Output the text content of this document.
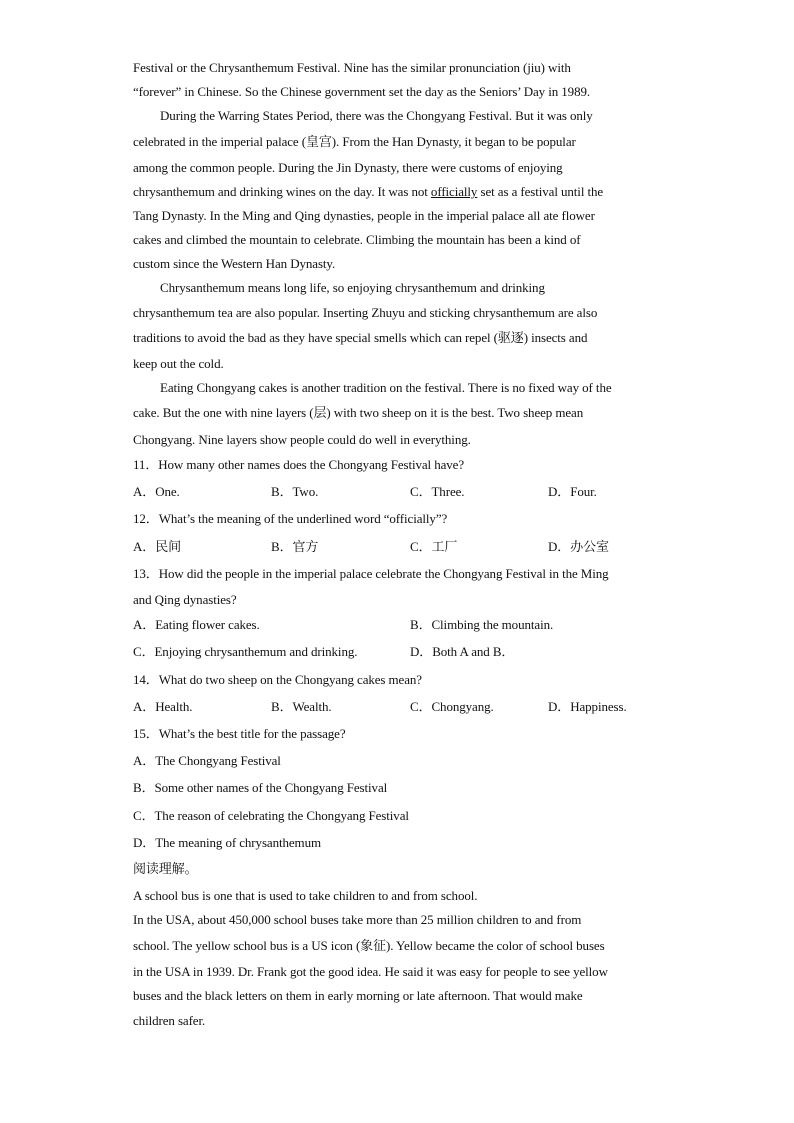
Festival or the Chrysanthemum Festival. Nine has the similar pronunciation (jiu) with
“forever” in Chinese. So the Chinese government set the day as the Seniors’ Day in 1989.
During the Warring States Period, there was the Chongyang Festival. But it was only
celebrated in the imperial palace (皇宫). From the Han Dynasty, it began to be popular
among the common people. During the Jin Dynasty, there were customs of enjoying
chrysanthemum and drinking wines on the day. It was not officially set as a festival until the
Tang Dynasty. In the Ming and Qing dynasties, people in the imperial palace all ate flower
cakes and climbed the mountain to celebrate. Climbing the mountain has been a kind of
custom since the Western Han Dynasty.
Chrysanthemum means long life, so enjoying chrysanthemum and drinking
chrysanthemum tea are also popular. Inserting Zhuyu and sticking chrysanthemum are also
traditions to avoid the bad as they have special smells which can repel (驱逐) insects and
keep out the cold.
Eating Chongyang cakes is another tradition on the festival. There is no fixed way of the
cake. But the one with nine layers (层) with two sheep on it is the best. Two sheep mean
Chongyang. Nine layers show people could do well in everything.
11．How many other names does the Chongyang Festival have?
A．One.	B．Two.	C．Three.	D．Four.
12．What’s the meaning of the underlined word “officially”?
A．民间	B．官方	C．工厂	D．办公室
13．How did the people in the imperial palace celebrate the Chongyang Festival in the Ming
and Qing dynasties?
A．Eating flower cakes.	B．Climbing the mountain.
C．Enjoying chrysanthemum and drinking.	D．Both A and B．
14．What do two sheep on the Chongyang cakes mean?
A．Health.	B．Wealth.	C．Chongyang.	D．Happiness.
15．What’s the best title for the passage?
A．The Chongyang Festival
B．Some other names of the Chongyang Festival
C．The reason of celebrating the Chongyang Festival
D．The meaning of chrysanthemum
阅读理解。
A school bus is one that is used to take children to and from school.
In the USA, about 450,000 school buses take more than 25 million children to and from
school. The yellow school bus is a US icon (象征). Yellow became the color of school buses
in the USA in 1939. Dr. Frank got the good idea. He said it was easy for people to see yellow
buses and the black letters on them in early morning or late afternoon. That would make
children safer.
